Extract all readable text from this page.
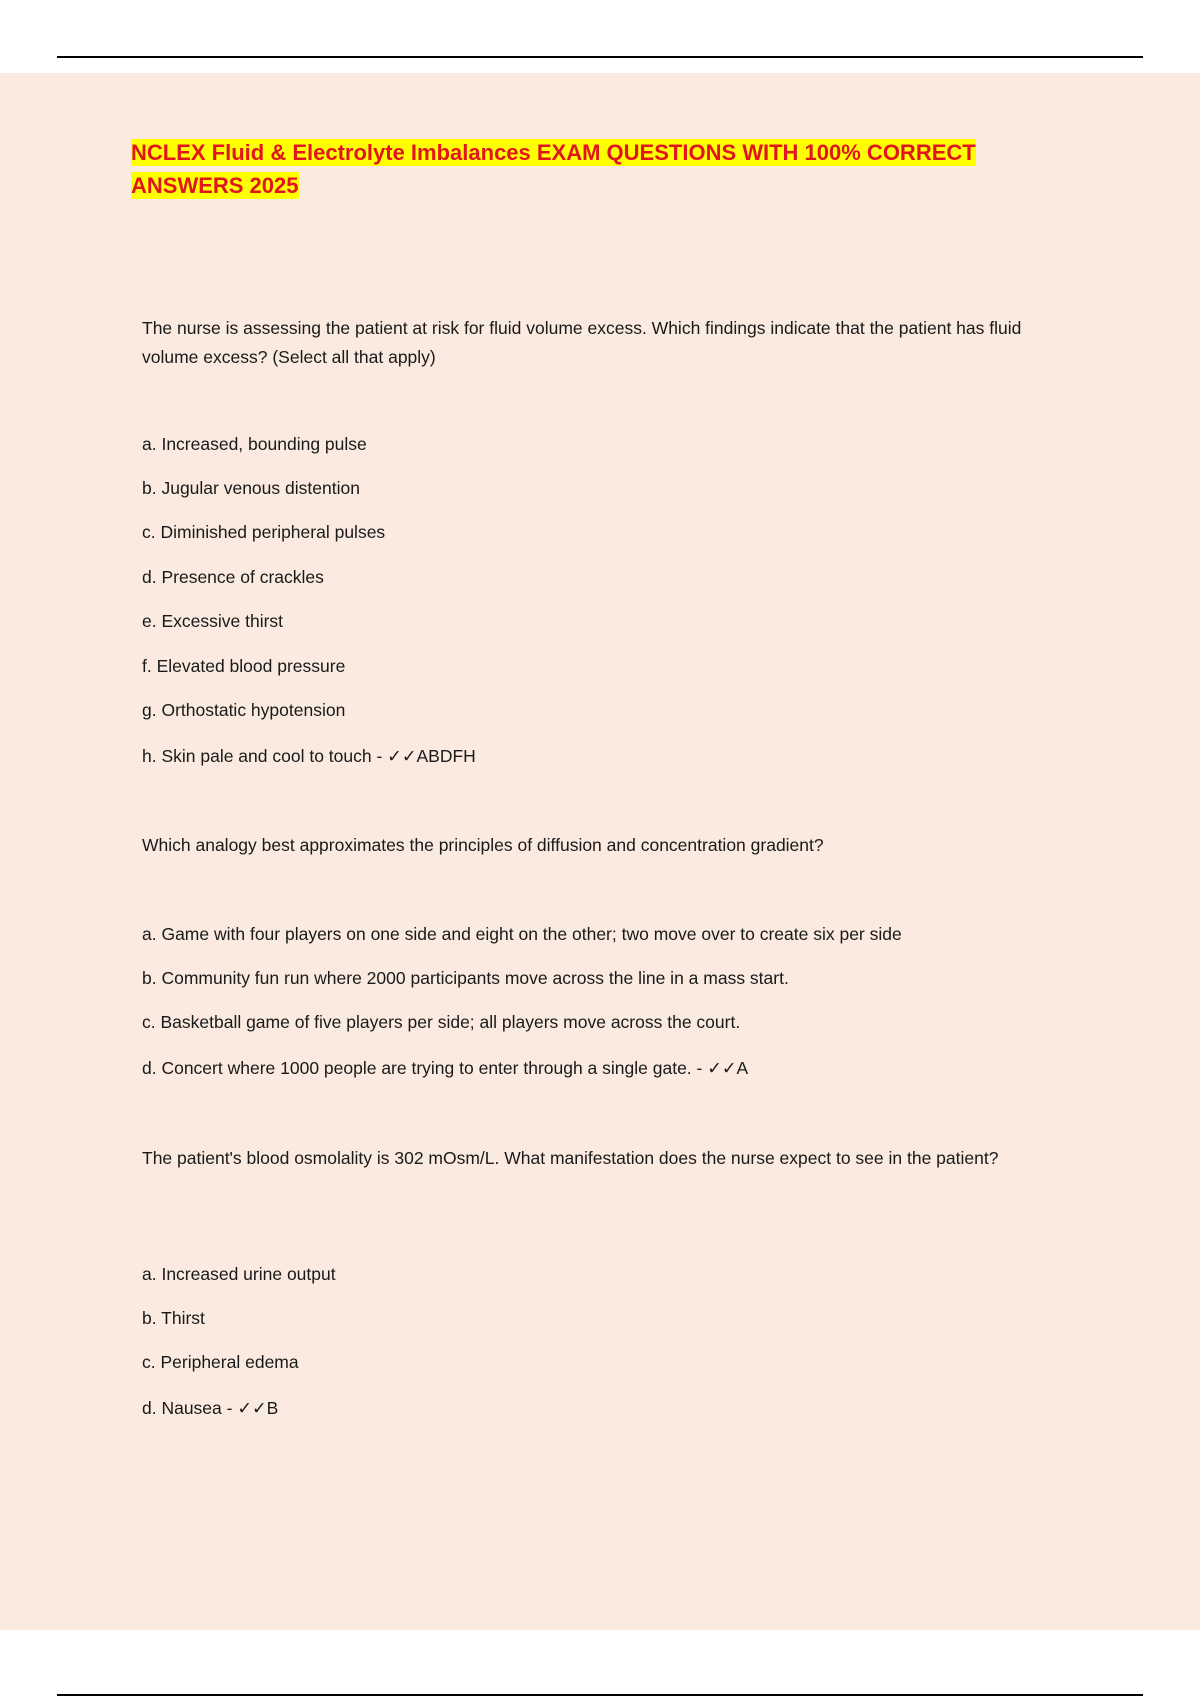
NCLEX Fluid & Electrolyte Imbalances EXAM QUESTIONS WITH 100% CORRECT ANSWERS 2025

The nurse is assessing the patient at risk for fluid volume excess. Which findings indicate that the patient has fluid volume excess? (Select all that apply)

a. Increased, bounding pulse

b. Jugular venous distention

c. Diminished peripheral pulses

d. Presence of crackles

e. Excessive thirst

f. Elevated blood pressure

g. Orthostatic hypotension

h. Skin pale and cool to touch - ✓✓ABDFH

Which analogy best approximates the principles of diffusion and concentration gradient?

a. Game with four players on one side and eight on the other; two move over to create six per side

b. Community fun run where 2000 participants move across the line in a mass start.

c. Basketball game of five players per side; all players move across the court.

d. Concert where 1000 people are trying to enter through a single gate. - ✓✓A

The patient's blood osmolality is 302 mOsm/L. What manifestation does the nurse expect to see in the patient?

a. Increased urine output

b. Thirst

c. Peripheral edema

d. Nausea - ✓✓B
